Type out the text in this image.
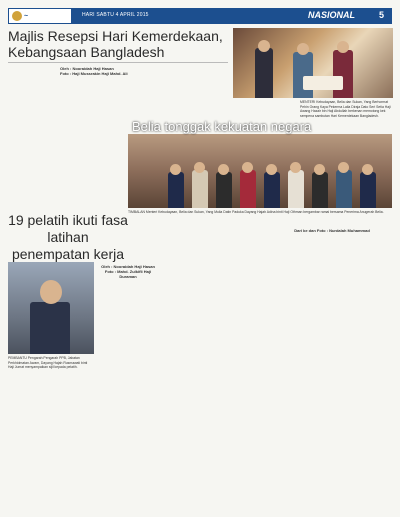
~	HARI SABTU 4 APRIL 2015	NASIONAL	5
Majlis Resepsi Hari Kemerdekaan, Kebangsaan Bangladesh
Oleh : Nooraidah Haji Hasan
Foto : Haji Mussrakin Haji Mahd. Ali
MENTERI Kebudayaan, Belia dan Sukan, Yang Berhormat Pehin Orang Kaya Pekerma Laila Diraja Dato Seri Setia Haji Awang Hazair bin Haji Abdullah berkenan memotong kek sempena sambutan Hari Kemerdekaan Bangladesh.
Belia tonggak kekuatan negara
TIMBALAN Menteri Kebudayaan, Belia dan Sukan, Yang Mulia Datin Paduka Dayang Hajah Adina binti Haji Othman bergambar ramai bersama Penerima Anugerah Belia.
19 pelatih ikuti fasa latihan penempatan kerja
PEMBANTU Pengarah Pengarah PPB, Jabatan Perkhidmatan Awam, Dayang Hajah Rusmawati binti Haji Jumat menyampaikan sijil kepada pelatih.
Oleh : Nooraidah Haji Hasan
Foto : Mahd. Zulkifli Haji Duraman
Dari ke dan Foto : Nurdalah Muhammad
